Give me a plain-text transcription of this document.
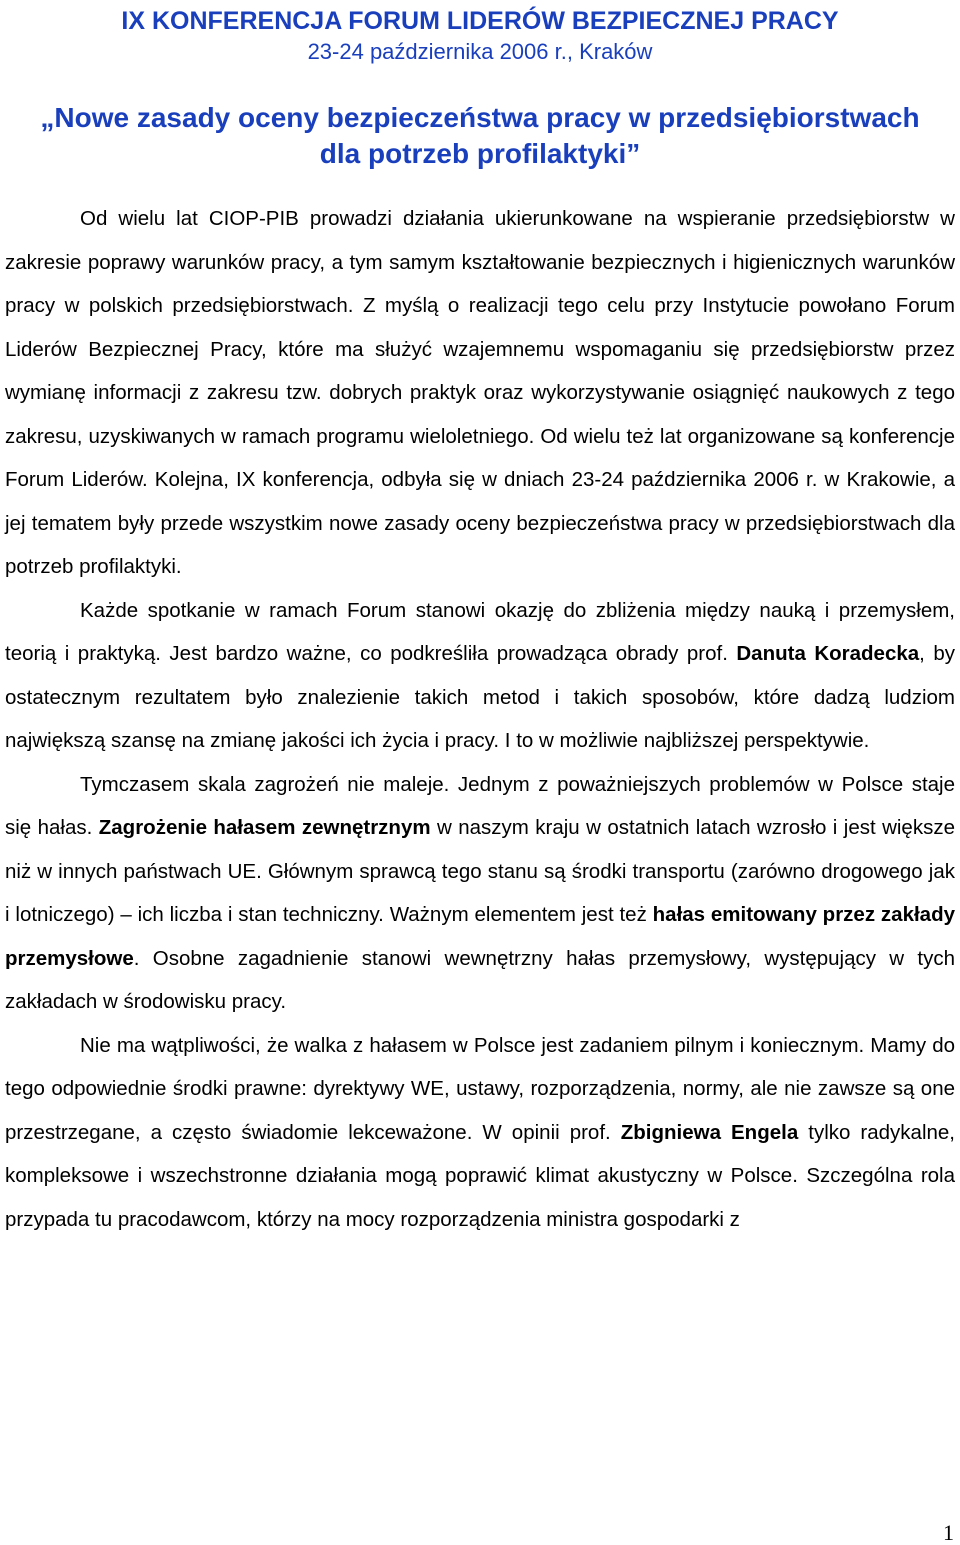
IX KONFERENCJA FORUM LIDERÓW BEZPIECZNEJ PRACY
23-24 października 2006 r., Kraków
„Nowe zasady oceny bezpieczeństwa pracy w przedsiębiorstwach
dla potrzeb profilaktyki”

Od wielu lat CIOP-PIB prowadzi działania ukierunkowane na wspieranie przedsiębiorstw w zakresie poprawy warunków pracy, a tym samym kształtowanie bezpiecznych i higienicznych warunków pracy w polskich przedsiębiorstwach. Z myślą o realizacji tego celu przy Instytucie powołano Forum Liderów Bezpiecznej Pracy, które ma służyć wzajemnemu wspomaganiu się przedsiębiorstw przez wymianę informacji z zakresu tzw. dobrych praktyk oraz wykorzystywanie osiągnięć naukowych z tego zakresu, uzyskiwanych w ramach programu wieloletniego. Od wielu też lat organizowane są konferencje Forum Liderów. Kolejna, IX konferencja, odbyła się w dniach 23-24 października 2006 r. w Krakowie, a jej tematem były przede wszystkim nowe zasady oceny bezpieczeństwa pracy w przedsiębiorstwach dla potrzeb profilaktyki.

Każde spotkanie w ramach Forum stanowi okazję do zbliżenia między nauką i przemysłem, teorią i praktyką. Jest bardzo ważne, co podkreśliła prowadząca obrady prof. Danuta Koradecka, by ostatecznym rezultatem było znalezienie takich metod i takich sposobów, które dadzą ludziom największą szansę na zmianę jakości ich życia i pracy. I to w możliwie najbliższej perspektywie.

Tymczasem skala zagrożeń nie maleje. Jednym z poważniejszych problemów w Polsce staje się hałas. Zagrożenie hałasem zewnętrznym w naszym kraju w ostatnich latach wzrosło i jest większe niż w innych państwach UE. Głównym sprawcą tego stanu są środki transportu (zarówno drogowego jak i lotniczego) – ich liczba i stan techniczny. Ważnym elementem jest też hałas emitowany przez zakłady przemysłowe. Osobne zagadnienie stanowi wewnętrzny hałas przemysłowy, występujący w tych zakładach w środowisku pracy.

Nie ma wątpliwości, że walka z hałasem w Polsce jest zadaniem pilnym i koniecznym. Mamy do tego odpowiednie środki prawne: dyrektywy WE, ustawy, rozporządzenia, normy, ale nie zawsze są one przestrzegane, a często świadomie lekceważone. W opinii prof. Zbigniewa Engela tylko radykalne, kompleksowe i wszechstronne działania mogą poprawić klimat akustyczny w Polsce. Szczególna rola przypada tu pracodawcom, którzy na mocy rozporządzenia ministra gospodarki z

1
